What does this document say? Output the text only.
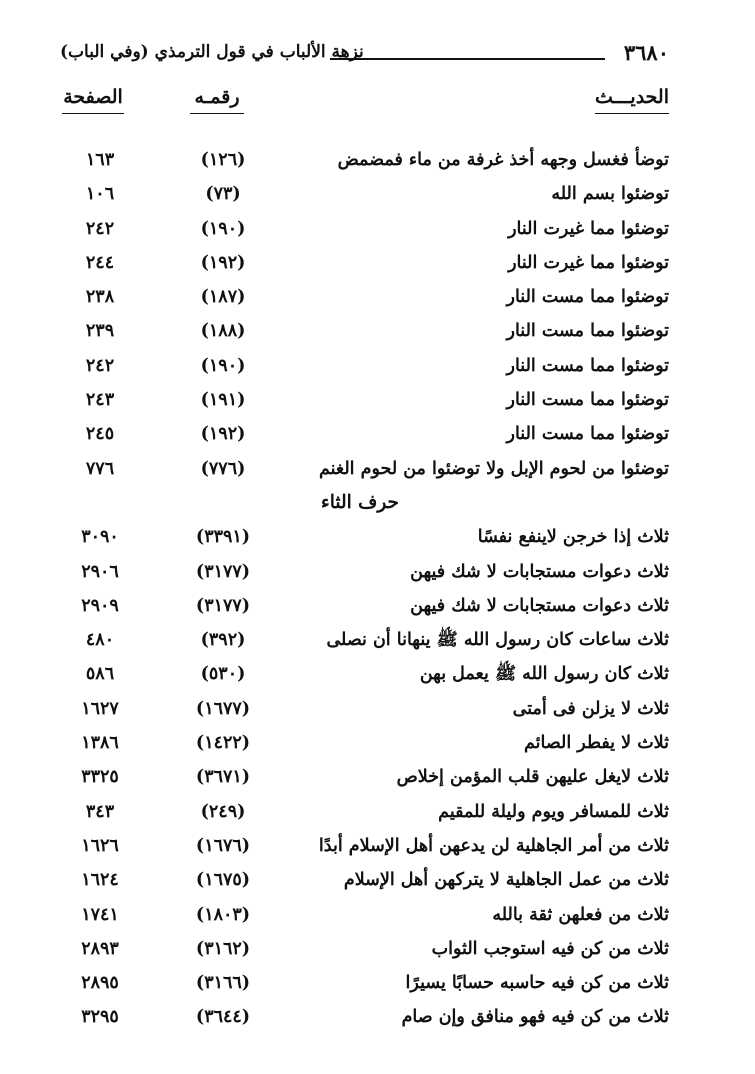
٣٦٨٠
نزهة الألباب في قول الترمذي (وفي الباب)
الحديـــث
رقمـه
الصفحة
توضأ فغسل وجهه أخذ غرفة من ماء فمضمض
(١٢٦)
١٦٣
توضئوا بسم الله
(٧٣)
١٠٦
توضئوا مما غيرت النار
(١٩٠)
٢٤٢
توضئوا مما غيرت النار
(١٩٢)
٢٤٤
توضئوا مما مست النار
(١٨٧)
٢٣٨
توضئوا مما مست النار
(١٨٨)
٢٣٩
توضئوا مما مست النار
(١٩٠)
٢٤٢
توضئوا مما مست النار
(١٩١)
٢٤٣
توضئوا مما مست النار
(١٩٢)
٢٤٥
توضئوا من لحوم الإبل ولا توضئوا من لحوم الغنم
(٧٧٦)
٧٧٦
حرف الثاء
ثلاث إذا خرجن لاينفع نفسًا
(٣٣٩١)
٣٠٩٠
ثلاث دعوات مستجابات لا شك فيهن
(٣١٧٧)
٢٩٠٦
ثلاث دعوات مستجابات لا شك فيهن
(٣١٧٧)
٢٩٠٩
ثلاث ساعات كان رسول الله ﷺ ينهانا أن نصلى
(٣٩٢)
٤٨٠
ثلاث كان رسول الله ﷺ يعمل بهن
(٥٣٠)
٥٨٦
ثلاث لا يزلن فى أمتى
(١٦٧٧)
١٦٢٧
ثلاث لا يفطر الصائم
(١٤٢٢)
١٣٨٦
ثلاث لايغل عليهن قلب المؤمن إخلاص
(٣٦٧١)
٣٣٢٥
ثلاث للمسافر ويوم وليلة للمقيم
(٢٤٩)
٣٤٣
ثلاث من أمر الجاهلية لن يدعهن أهل الإسلام أبدًا
(١٦٧٦)
١٦٢٦
ثلاث من عمل الجاهلية لا يتركهن أهل الإسلام
(١٦٧٥)
١٦٢٤
ثلاث من فعلهن ثقة بالله
(١٨٠٣)
١٧٤١
ثلاث من كن فيه استوجب الثواب
(٣١٦٢)
٢٨٩٣
ثلاث من كن فيه حاسبه حسابًا يسيرًا
(٣١٦٦)
٢٨٩٥
ثلاث من كن فيه فهو منافق وإن صام
(٣٦٤٤)
٣٢٩٥
